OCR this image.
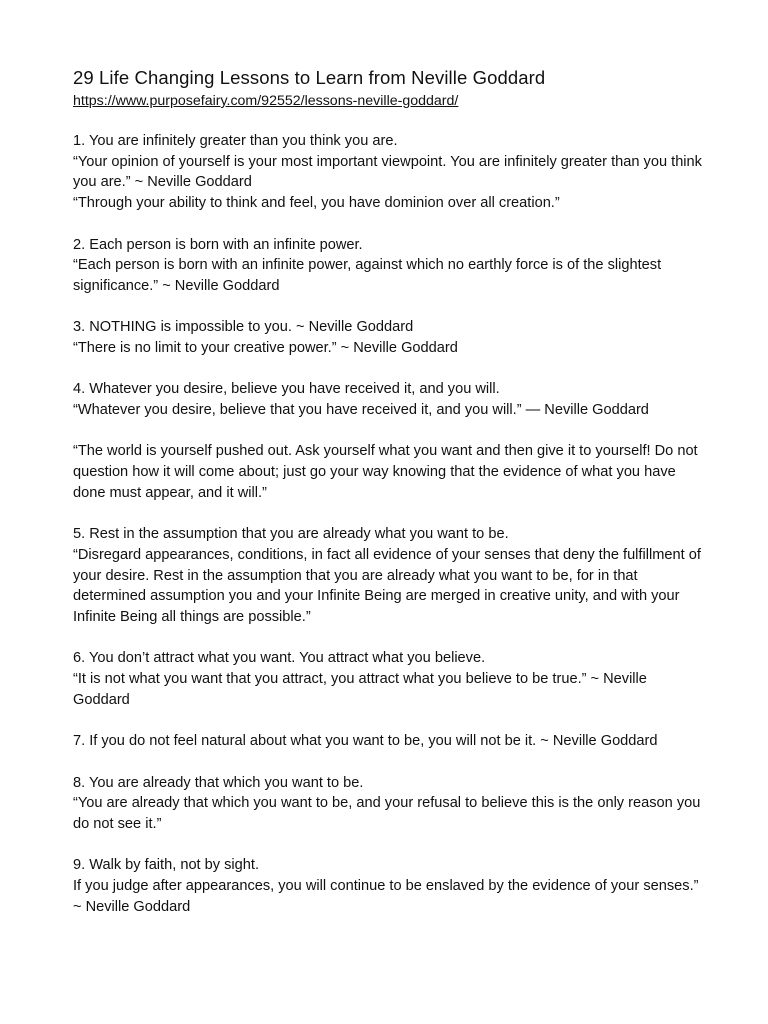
29 Life Changing Lessons to Learn from Neville Goddard
https://www.purposefairy.com/92552/lessons-neville-goddard/

1. You are infinitely greater than you think you are.

“Your opinion of yourself is your most important viewpoint. You are infinitely greater than you think you are.” ~ Neville Goddard

“Through your ability to think and feel, you have dominion over all creation.”

2. Each person is born with an infinite power.

“Each person is born with an infinite power, against which no earthly force is of the slightest significance.” ~ Neville Goddard

3. NOTHING is impossible to you. ~ Neville Goddard

“There is no limit to your creative power.” ~ Neville Goddard

4. Whatever you desire, believe you have received it, and you will.

“Whatever you desire, believe that you have received it, and you will.” — Neville Goddard

“The world is yourself pushed out. Ask yourself what you want and then give it to yourself! Do not question how it will come about; just go your way knowing that the evidence of what you have done must appear, and it will.”

5. Rest in the assumption that you are already what you want to be.

“Disregard appearances, conditions, in fact all evidence of your senses that deny the fulfillment of your desire. Rest in the assumption that you are already what you want to be, for in that determined assumption you and your Infinite Being are merged in creative unity, and with your Infinite Being all things are possible.”

6. You don’t attract what you want. You attract what you believe.

“It is not what you want that you attract, you attract what you believe to be true.” ~ Neville Goddard

7. If you do not feel natural about what you want to be, you will not be it. ~ Neville Goddard

8. You are already that which you want to be.

“You are already that which you want to be, and your refusal to believe this is the only reason you do not see it.”

9. Walk by faith, not by sight.

If you judge after appearances, you will continue to be enslaved by the evidence of your senses.” ~ Neville Goddard
